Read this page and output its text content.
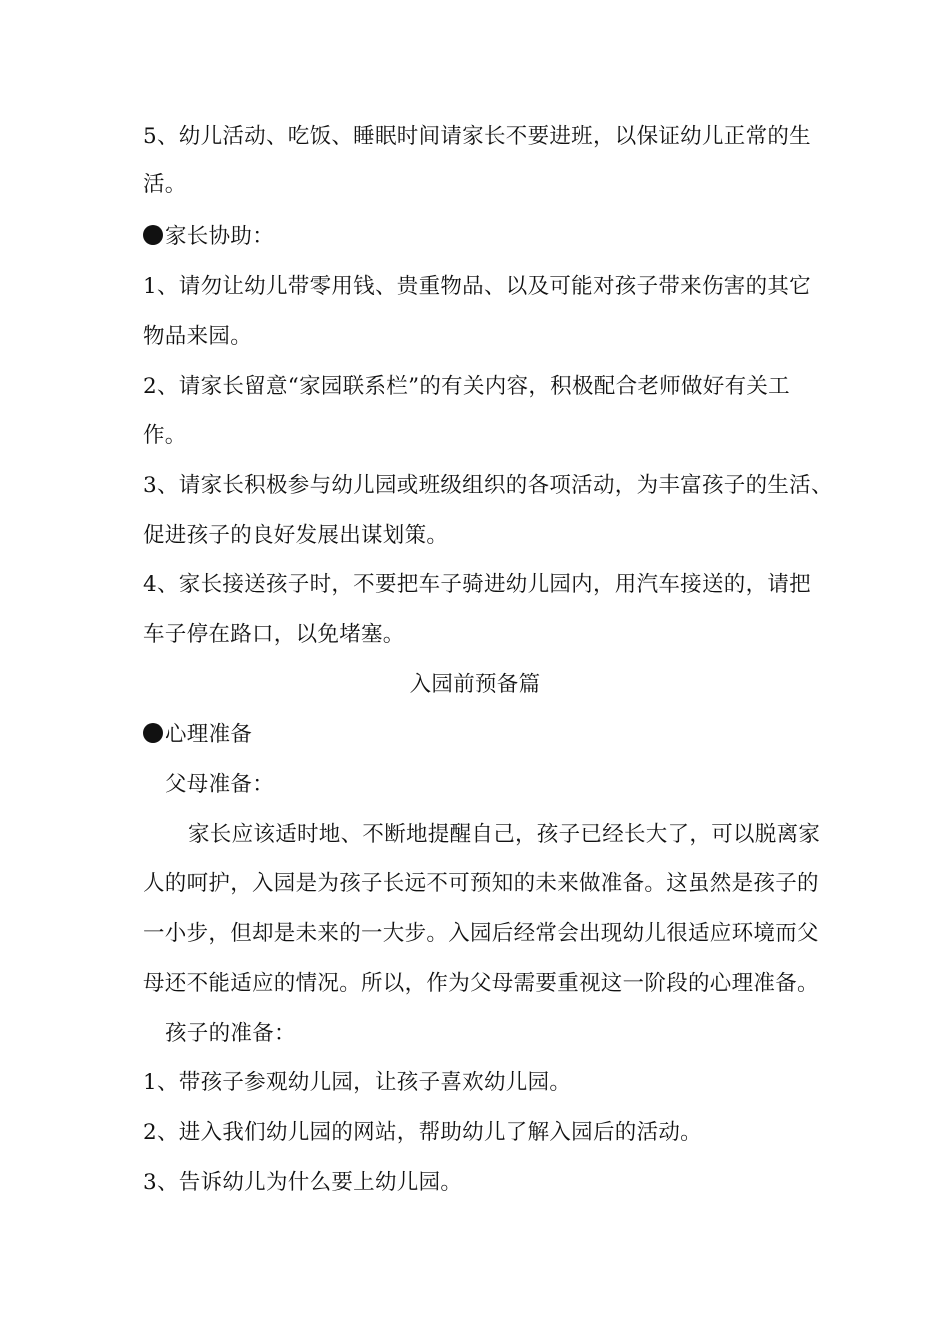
5、幼儿活动、吃饭、睡眠时间请家长不要进班，以保证幼儿正常的生
活。
家长协助：
1、请勿让幼儿带零用钱、贵重物品、以及可能对孩子带来伤害的其它
物品来园。
2、请家长留意“家园联系栏”的有关内容，积极配合老师做好有关工
作。
3、请家长积极参与幼儿园或班级组织的各项活动，为丰富孩子的生活、
促进孩子的良好发展出谋划策。
4、家长接送孩子时，不要把车子骑进幼儿园内，用汽车接送的，请把
车子停在路口，以免堵塞。
入园前预备篇
心理准备
父母准备：
家长应该适时地、不断地提醒自己，孩子已经长大了，可以脱离家
人的呵护，入园是为孩子长远不可预知的未来做准备。这虽然是孩子的
一小步，但却是未来的一大步。入园后经常会出现幼儿很适应环境而父
母还不能适应的情况。所以，作为父母需要重视这一阶段的心理准备。
孩子的准备：
1、带孩子参观幼儿园，让孩子喜欢幼儿园。
2、进入我们幼儿园的网站，帮助幼儿了解入园后的活动。
3、告诉幼儿为什么要上幼儿园。
